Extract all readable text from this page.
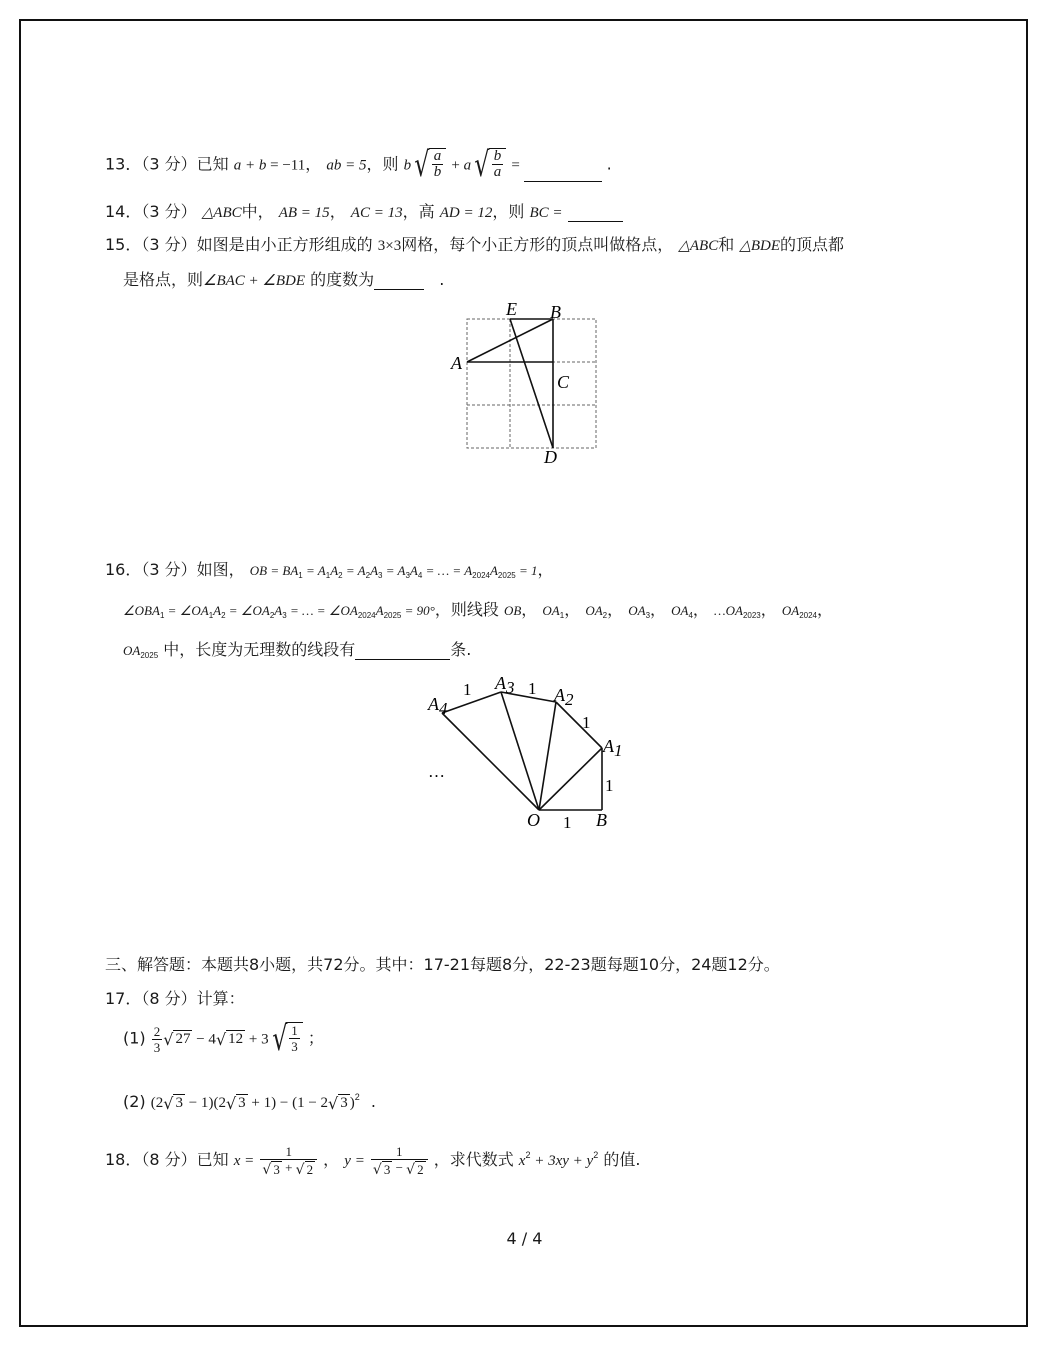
13．（3 分）已知 a + b = −11， ab = 5，则 b √ $\frac{a}{b} + a$ √ $\frac{b}{a}$ =	.
14．（3 分） △ABC中， AB = 15， AC = 13，高 AD = 12，则 BC =
15．（3 分）如图是由小正方形组成的 3×3网格，每个小正方形的顶点叫做格点， △ABC和 △BDE的顶点都
是格点，则∠BAC + ∠BDE 的度数为	.
A
E B
C
D
16．（3 分）如图， OB = $BA_1 = A_1A_2 = A_2A_3 = A_3A_4$ = … = $A_{2024}A_{2025} = 1$，
$\angle OBA_1$ = $\angle OA_1A_2$ = $\angle OA_2A_3$ = … = $\angle OA_{2024}A_{2025} = 90^\circ$，则线段 OB， $OA_1$， $OA_2$， $OA_3$， $OA_4$， $\dots OA_{2023}$， $OA_{2024}$，
$OA_{2025}$ 中，长度为无理数的线段有	条.
A4
A3 A2
A1
O	B
1	1
1
1
1
…
三、解答题：本题共8小题，共72分。其中：17-21每题8分，22-23题每题10分，24题12分。
17．（8 分）计算：
$(1) \frac{2}{3}$ √ 27 − 4 √ 12 + 3 √ $\frac{1}{3}$ ；
(2) (2 √ 3 − 1)(2 √ 3 + 1) − (1 − 2 √ 3 )$^2$ .
18．（8 分）已知 $x = \frac{1}{√ 3 + √ 2}$ ， $y = \frac{1}{√ 3 - √ 2}$ ，求代数式 $x^2 + 3xy + y^2$ 的值.
4 / 4
